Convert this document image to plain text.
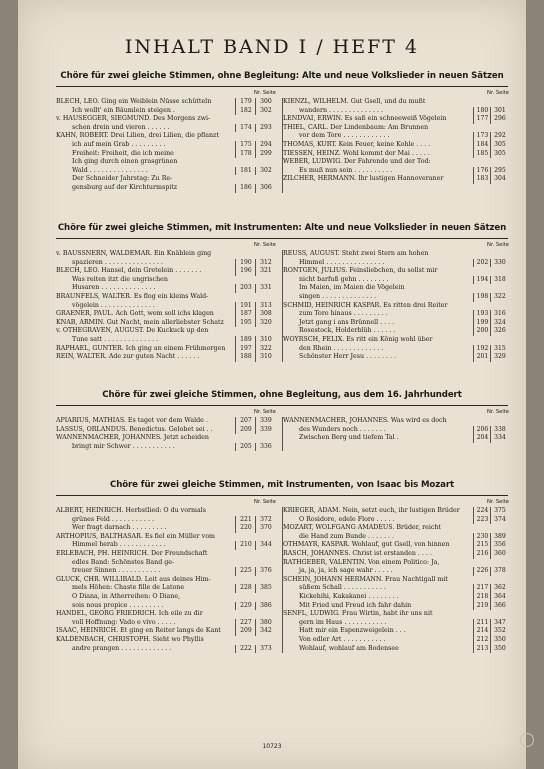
INHALT BAND I / HEFT 4
Chöre für zwei gleiche Stimmen, ohne Begleitung: Alte und neue Volkslieder in neuen Sätzen
Nr. Seite
BLECH, LEO. Ging ein Weiblein Nüsse schütteln	179	300
Ich wollt' ein Bäumlein steigen .	182	302
v. HAUSEGGER, SIEGMUND. Des Morgens zwi-
schen drein und vieren . . . . . .	174	293
KAHN, ROBERT. Drei Lilien, drei Lilien, die pflanzt
ich auf mein Grab . . . . . . . . .	175	294
Freiheit: Freiheit, die ich meine	178	299
Ich ging durch einen grasgrünen
Wald . . . . . . . . . . . . . . .	181	302
Der Schneider Jahrstag: Zu Re-
gensburg auf der Kirchturmspitz	186	306
Nr. Seite
KIENZL, WILHELM. Gut Gsell, und du mußt
wandern . . . . . . . . . . . . . .	180 301
LENDVAI, ERWIN. Es saß ein schneeweiß Vögelein	177 296
THIEL, CARL. Der Lindenbaum: Am Brunnen
vor dem Tore . . . . . . . . . . . .	173 292
THOMAS, KURT. Kein Feuer, keine Kohle . . . .	184 305
TIESSEN, HEINZ. Wohl kommt der Mai . . . . .	185 305
WEBER, LUDWIG. Der Fahrende und der Tod:
Es muß nun sein . . . . . . . . . .	176 295
ZILCHER, HERMANN. Ihr lustigen Hannoveraner	183 304
Chöre für zwei gleiche Stimmen, mit Instrumenten: Alte und neue Volkslieder in neuen Sätzen
Nr. Seite
v. BAUSSNERN, WALDEMAR. Ein Knäblein ging
spazieren . . . . . . . . . . . . . . .	190	312
BLECH, LEO. Hansel, dein Gretelein . . . . . . .	196	321
Was reiten itzt die ungrischen
Husaren . . . . . . . . . . . . . .	203	331
BRAUNFELS, WALTER. Es flog ein kleins Wald-
vögelein . . . . . . . . . . . . . .	191	313
GRAENER, PAUL. Ach Gott, wem soll ichs klagen	187	308
KNAB, ARMIN. Gut Nacht, mein allerliebster Schatz	195	320
v. OTHEGRAVEN, AUGUST. De Kuckuck up den
Tune satt . . . . . . . . . . . . . .	189	310
RAPHAEL, GÜNTER. Ich ging an einem Frühmorgen	197	322
REIN, WALTER. Ade zur guten Nacht . . . . . .	188	310
Nr. Seite
REUSS, AUGUST. Steht zwei Stern am hohen
Himmel . . . . . . . . . . . . . . .	202 330
RÖNTGEN, JULIUS. Feinsliebchen, du sollst mir
nicht barfuß gehn . . . . . . . .	194 318
Im Maien, im Maien die Vögelein
singen . . . . . . . . . . . . . .	198 322
SCHMID, HEINRICH KASPAR. Es ritten drei Reiter
zum Tore hinaus . . . . . . . . .	193 316
Jetzt gang i ans Brünnell . . . .	199 324
Rosestock, Holderblüh . . . . . .	200 326
WOYRSCH, FELIX. Es ritt ein König wohl über
den Rhein . . . . . . . . . . . . .	192 315
Schönster Herr Jesu . . . . . . . .	201 329
Chöre für zwei gleiche Stimmen, ohne Begleitung, aus dem 16. Jahrhundert
Nr. Seite
APIARIUS, MATHIAS. Es taget vor dem Walde .	207	339
LASSUS, ORLANDUS. Benedictus. Gelobet sei . .	209	339
WANNENMACHER, JOHANNES. Jetzt scheiden
bringt mir Schwer . . . . . . . . . . .	205	336
Nr. Seite
WANNENMACHER, JOHANNES. Was wird es doch
des Wunders noch . . . . . . .	206 338
Zwischen Berg und tiefem Tal .	204 334
Chöre für zwei gleiche Stimmen, mit Instrumenten, von Isaac bis Mozart
Nr. Seite
ALBERT, HEINRICH. Herbstlied: O du vormals
grünes Feld . . . . . . . . . . .	221	372
Wer fragt darnach . . . . . . . . .	220	370
ARTHOPIUS, BALTHASAR. Es fiel ein Müller vom
Himmel herab . . . . . . . . . . . .	210	344
ERLEBACH, PH. HEINRICH. Der Freundschaft
edles Band: Schönstes Band ge-
treuer Sinnen . . . . . . . . . . .	225	376
GLUCK, CHR. WILLIBALD. Leit aus deines Him-
mels Höhen: Chaste fille de Latone	228	385
O Diana, in Atherreihen: O Diane,
sois nous propice . . . . . . . . .	229	386
HÄNDEL, GEORG FRIEDRICH. Ich eile zu dir
voll Hoffnung: Vado e vivo . . . . .	227	380
ISAAC, HEINRICH. Et ging en Reiter langs de Kant	209	342
KALDENBACH, CHRISTOPH. Sieht wo Phyllis
andre prangen . . . . . . . . . . . . .	222	373
Nr. Seite
KRIEGER, ADAM. Nein, setzt euch, ihr lustigen Brüder	224 375
O Rosidore, edele Flore . . . . .	223 374
MOZART, WOLFGANG AMADEUS. Brüder, reicht
die Hand zum Bunde . . . . . . .	230 389
OTHMAYR, KASPAR. Wohlauf, gut Gsell, von hinnen	215 356
RASCH, JOHANNES. Christ ist erstanden . . . .	216 360
RATHGEBER, VALENTIN. Von einem Politico: Ja,
ja, ja, ja, ich sage wahr . . . . .	226 378
SCHEIN, JOHANN HERMANN. Frau Nachtigall mit
süßem Schall . . . . . . . . . . .	217 362
Kickehihi, Kakakanei . . . . . . . .	218 364
Mit Fried und Freud ich fahr dahin	219 366
SENFL, LUDWIG. Frau Wirtin, habt ihr uns nit
gern im Haus . . . . . . . . . . .	211 347
Hatt mir ein Espenzweigelein . . .	214 352
Von edler Art . . . . . . . . . . .	212 350
Wohlauf, wohlauf am Bodensee	213 350
10723
